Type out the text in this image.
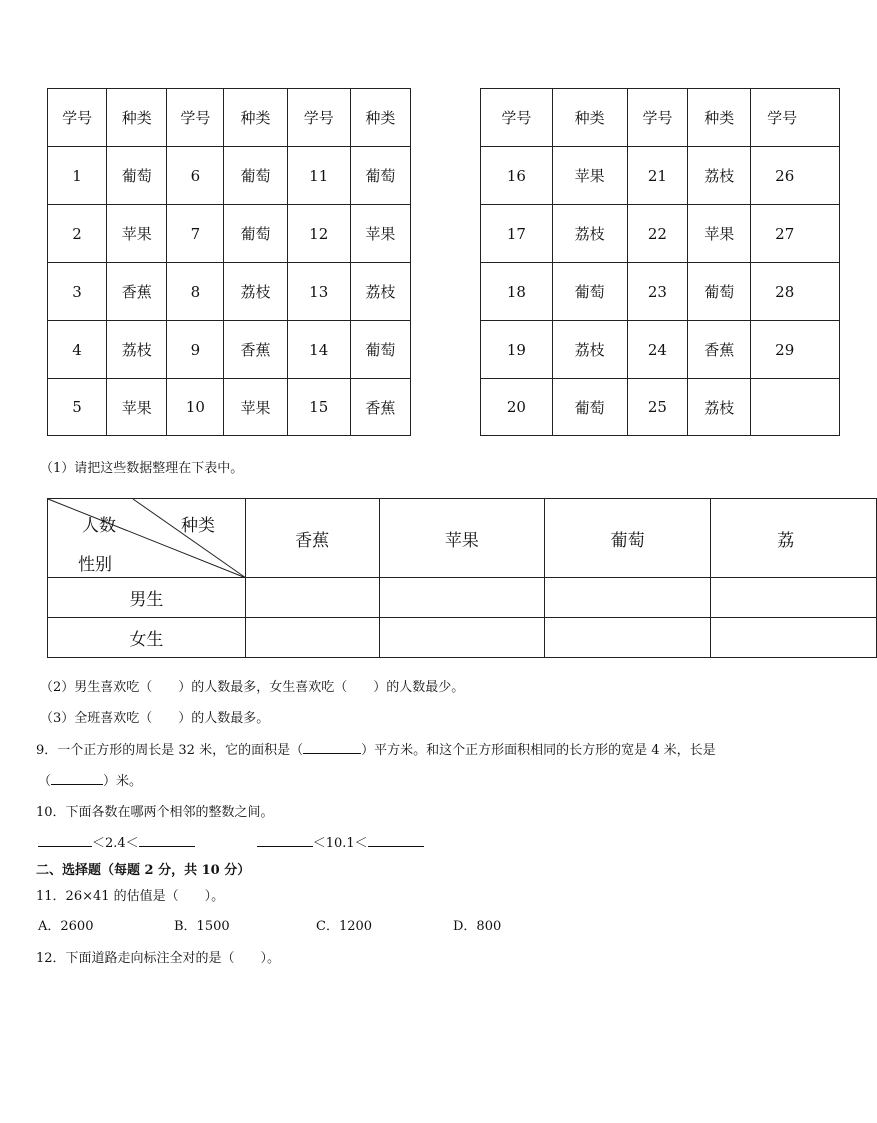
学号	种类	学号	种类	学号	种类
1	葡萄	6	葡萄	11	葡萄
2	苹果	7	葡萄	12	苹果
3	香蕉	8	荔枝	13	荔枝
4	荔枝	9	香蕉	14	葡萄
5	苹果	10	苹果	15	香蕉
学号	种类	学号	种类	学号
16	苹果	21	荔枝	26
17	荔枝	22	苹果	27
18	葡萄	23	葡萄	28
19	荔枝	24	香蕉	29
20	葡萄	25	荔枝	
（1）请把这些数据整理在下表中。
人数 种类
性别	香蕉	苹果	葡萄	荔
男生				
女生				
（2）男生喜欢吃（　　）的人数最多，女生喜欢吃（　　）的人数最少。
（3）全班喜欢吃（　　）的人数最多。
9．一个正方形的周长是 32 米，它的面积是（	）平方米。和这个正方形面积相同的长方形的宽是 4 米，长是
（	）米。
10．下面各数在哪两个相邻的整数之间。
＜2.4＜	＜10.1＜
二、选择题（每题 2 分，共 10 分）
11．26×41 的估值是（　　）。
A．2600	B．1500	C．1200	D．800
12．下面道路走向标注全对的是（　　）。
